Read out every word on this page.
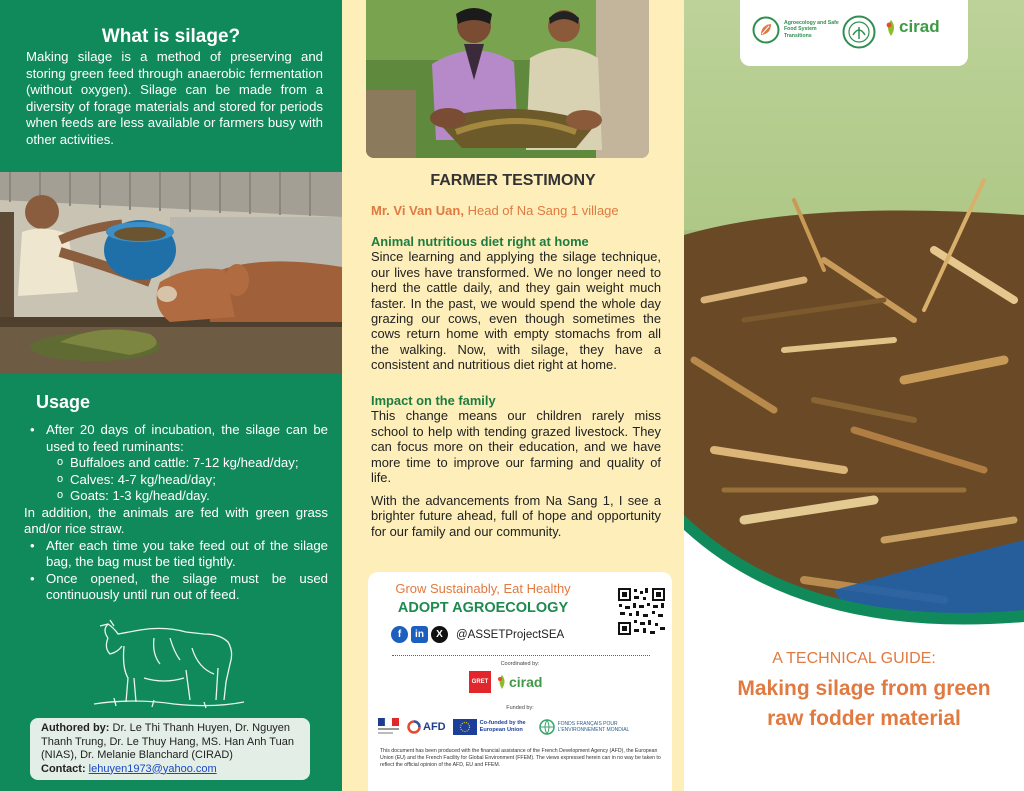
What is silage?

Making silage is a method of preserving and storing green feed through anaerobic fermentation (without oxygen). Silage can be made from a diversity of forage materials and stored for periods when feeds are less available or farmers busy with other activities.

Usage
• After 20 days of incubation, the silage can be used to feed ruminants:
o Buffaloes and cattle: 7-12 kg/head/day;
o Calves: 4-7 kg/head/day;
o Goats: 1-3 kg/head/day.

In addition, the animals are fed with green grass and/or rice straw.

• After each time you take feed out of the silage bag, the bag must be tied tightly.
• Once opened, the silage must be used continuously until run out of feed.
Authored by: Dr. Le Thi Thanh Huyen, Dr. Nguyen Thanh Trung, Dr. Le Thuy Hang, MS. Han Anh Tuan (NIAS), Dr. Melanie Blanchard (CIRAD)
Contact: lehuyen1973@yahoo.com
FARMER TESTIMONY

Mr. Vi Van Uan, Head of Na Sang 1 village

Animal nutritious diet right at home

Since learning and applying the silage technique, our lives have transformed. We no longer need to herd the cattle daily, and they gain weight much faster. In the past, we would spend the whole day grazing our cows, even though sometimes the cows return home with empty stomachs from all the walking. Now, with silage, they have a consistent and nutritious diet right at home.

Impact on the family

This change means our children rarely miss school to help with tending grazed livestock. They can focus more on their education, and we have more time to improve our farming and quality of life.

With the advancements from Na Sang 1, I see a brighter future ahead, full of hope and opportunity for our family and our community.

Grow Sustainably, Eat Healthy

ADOPT AGROECOLOGY

f	in	X	@ASSETProjectSEA

Coordinated by:

GRET cirad

Funded by:

AFD	Co-funded by the European Union
FONDS FRANÇAIS POUR L'ENVIRONNEMENT MONDIAL

This document has been produced with the financial assistance of the French Development Agency (AFD), the European Union (EU) and the French Facility for Global Environment (FFEM). The views expressed herein can in no way be taken to reflect the official opinion of the AFD, EU and FFEM.

Agroecology and Safe Food System Transitions	cirad

A TECHNICAL GUIDE:

Making silage from green raw fodder material
